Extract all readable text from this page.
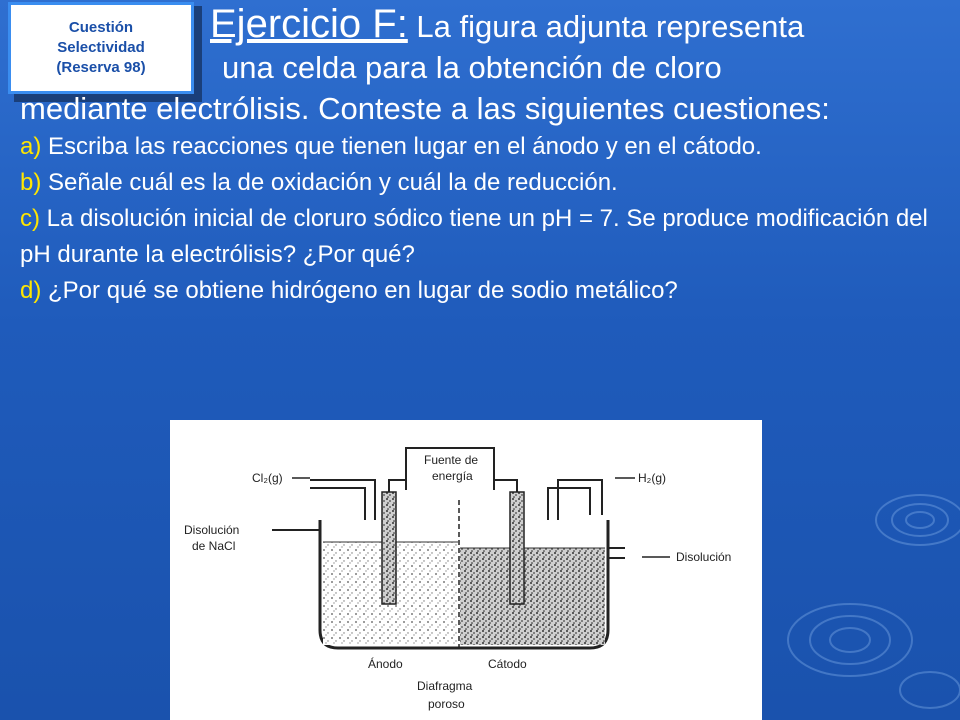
Cuestión
Selectividad
(Reserva 98)

Ejercicio F: La figura adjunta representa
una celda para la obtención de cloro
mediante electrólisis. Conteste a las siguientes cuestiones:

a) Escriba las reacciones que tienen lugar en el ánodo y en el cátodo.

b) Señale cuál es la de oxidación y cuál la de reducción.

c) La disolución inicial de cloruro sódico tiene un pH = 7. Se produce modificación del pH durante la electrólisis? ¿Por qué?

d) ¿Por qué se obtiene hidrógeno en lugar de sodio metálico?

Cl₂(g)	H₂(g)
Fuente de
energía
Disolución
de NaCl
Disolución
Ánodo	Cátodo
Diafragma
poroso
